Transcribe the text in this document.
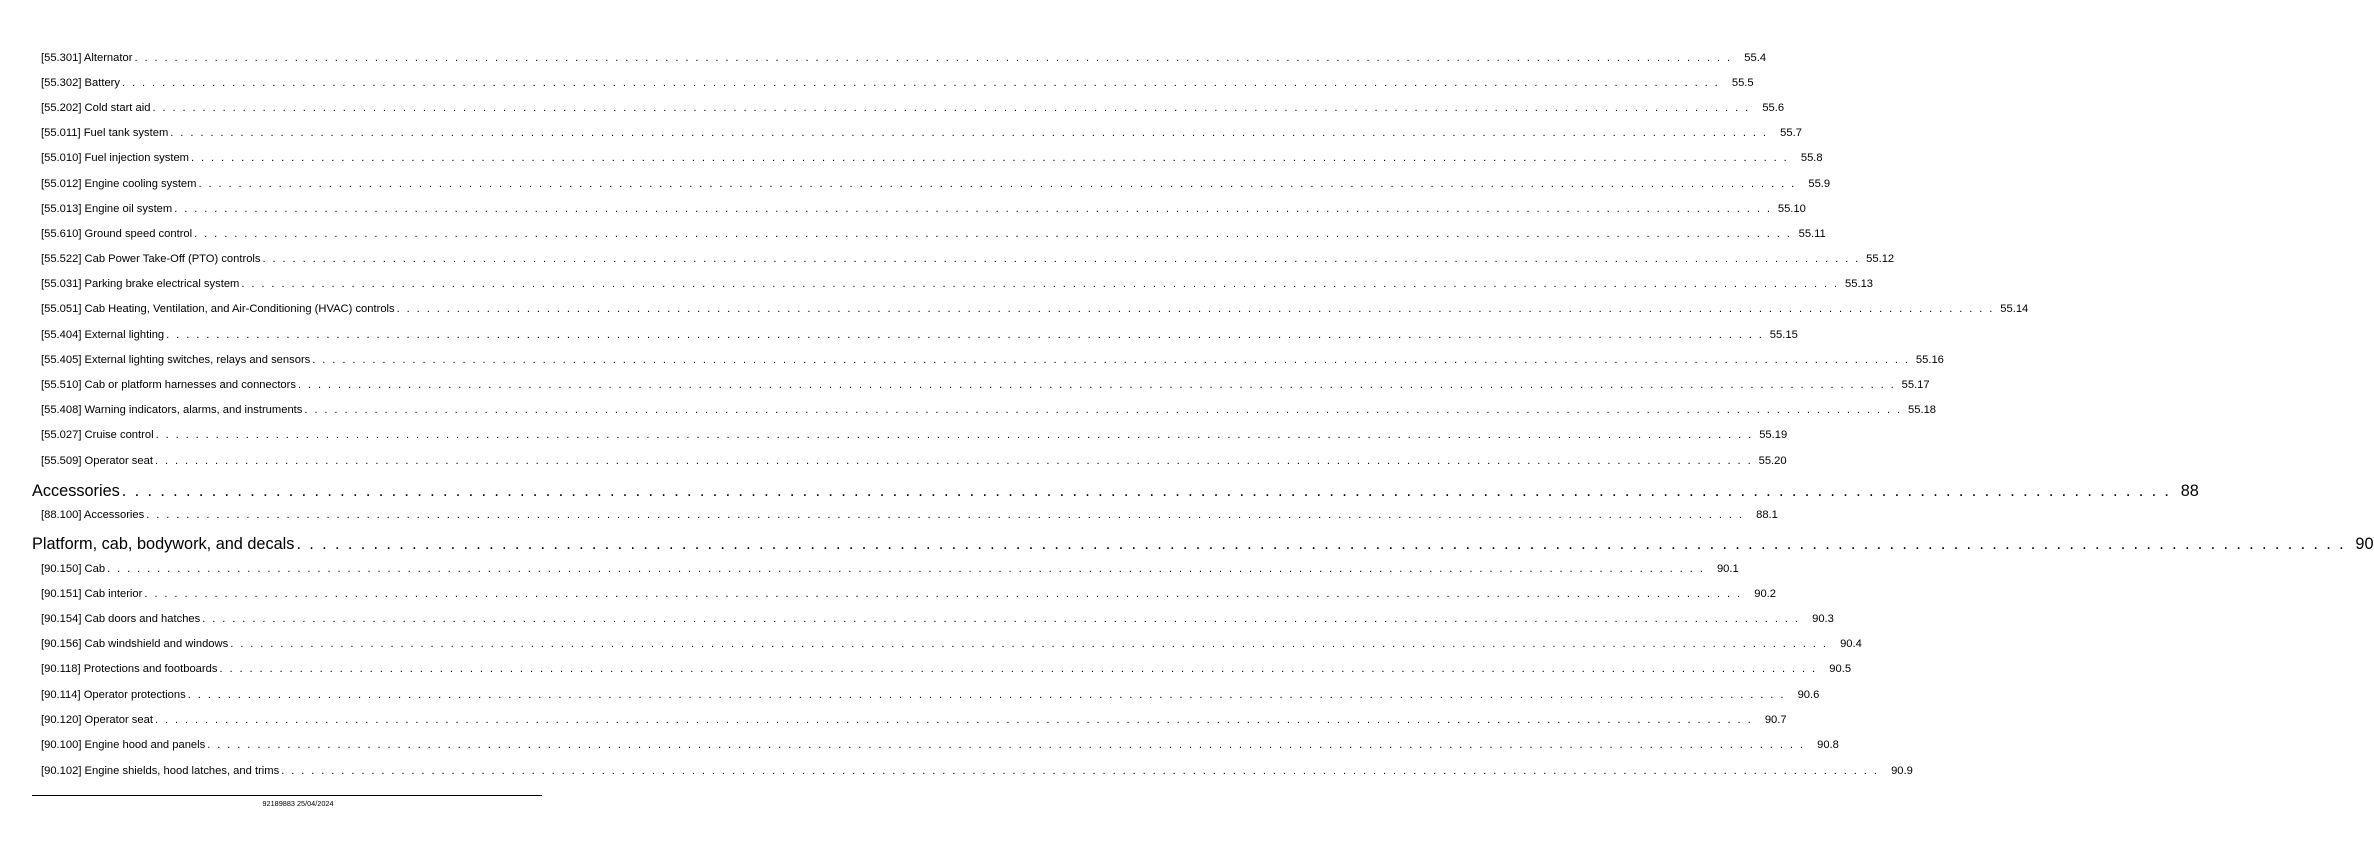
[55.301] Alternator . . . . . . . . . . . . . . . . . . . . . . . . . . . . . . . . . . . . . . . . . . . . . . . . . . . . . . . . . . . . . . . . . . . . . . . . . . . . . . . . . . . . . . . . . . . . . . . . . . . . . . . . . . . . . . . . . . . . . . . . . . . . . . . . . . . . . . . . . . . . . . . . . . . . . . . . . . . . . . . .	55.4
[55.302] Battery . . . . . . . . . . . . . . . . . . . . . . . . . . . . . . . . . . . . . . . . . . . . . . . . . . . . . . . . . . . . . . . . . . . . . . . . . . . . . . . . . . . . . . . . . . . . . . . . . . . . . . . . . . . . . . . . . . . . . . . . . . . . . . . . . . . . . . . . . . . . . . . . . . . . . . . . . . . . . . . .	55.5
[55.202] Cold start aid . . . . . . . . . . . . . . . . . . . . . . . . . . . . . . . . . . . . . . . . . . . . . . . . . . . . . . . . . . . . . . . . . . . . . . . . . . . . . . . . . . . . . . . . . . . . . . . . . . . . . . . . . . . . . . . . . . . . . . . . . . . . . . . . . . . . . . . . . . . . . . . . . . . . . . . . . . . . . . . .	55.6
[55.011] Fuel tank system . . . . . . . . . . . . . . . . . . . . . . . . . . . . . . . . . . . . . . . . . . . . . . . . . . . . . . . . . . . . . . . . . . . . . . . . . . . . . . . . . . . . . . . . . . . . . . . . . . . . . . . . . . . . . . . . . . . . . . . . . . . . . . . . . . . . . . . . . . . . . . . . . . . . . . . . . . . . . . . .	55.7
[55.010] Fuel injection system . . . . . . . . . . . . . . . . . . . . . . . . . . . . . . . . . . . . . . . . . . . . . . . . . . . . . . . . . . . . . . . . . . . . . . . . . . . . . . . . . . . . . . . . . . . . . . . . . . . . . . . . . . . . . . . . . . . . . . . . . . . . . . . . . . . . . . . . . . . . . . . . . . . . . . . . . . . . . . . .	55.8
[55.012] Engine cooling system . . . . . . . . . . . . . . . . . . . . . . . . . . . . . . . . . . . . . . . . . . . . . . . . . . . . . . . . . . . . . . . . . . . . . . . . . . . . . . . . . . . . . . . . . . . . . . . . . . . . . . . . . . . . . . . . . . . . . . . . . . . . . . . . . . . . . . . . . . . . . . . . . . . . . . . . . . . . . . . .	55.9
[55.013] Engine oil system . . . . . . . . . . . . . . . . . . . . . . . . . . . . . . . . . . . . . . . . . . . . . . . . . . . . . . . . . . . . . . . . . . . . . . . . . . . . . . . . . . . . . . . . . . . . . . . . . . . . . . . . . . . . . . . . . . . . . . . . . . . . . . . . . . . . . . . . . . . . . . . . . . . . . . . . . . . . . . . . 55.10
[55.610] Ground speed control . . . . . . . . . . . . . . . . . . . . . . . . . . . . . . . . . . . . . . . . . . . . . . . . . . . . . . . . . . . . . . . . . . . . . . . . . . . . . . . . . . . . . . . . . . . . . . . . . . . . . . . . . . . . . . . . . . . . . . . . . . . . . . . . . . . . . . . . . . . . . . . . . . . . . . . . . . . . . . . . 55.11
[55.522] Cab Power Take-Off (PTO) controls . . . . . . . . . . . . . . . . . . . . . . . . . . . . . . . . . . . . . . . . . . . . . . . . . . . . . . . . . . . . . . . . . . . . . . . . . . . . . . . . . . . . . . . . . . . . . . . . . . . . . . . . . . . . . . . . . . . . . . . . . . . . . . . . . . . . . . . . . . . . . . . . . . . . . . . . . . . . . . . . 55.12
[55.031] Parking brake electrical system . . . . . . . . . . . . . . . . . . . . . . . . . . . . . . . . . . . . . . . . . . . . . . . . . . . . . . . . . . . . . . . . . . . . . . . . . . . . . . . . . . . . . . . . . . . . . . . . . . . . . . . . . . . . . . . . . . . . . . . . . . . . . . . . . . . . . . . . . . . . . . . . . . . . . . . . . . . . . . . . 55.13
[55.051] Cab Heating, Ventilation, and Air-Conditioning (HVAC) controls . . . . . . . . . . . . . . . . . . . . . . . . . . . . . . . . . . . . . . . . . . . . . . . . . . . . . . . . . . . . . . . . . . . . . . . . . . . . . . . . . . . . . . . . . . . . . . . . . . . . . . . . . . . . . . . . . . . . . . . . . . . . . . . . . . . . . . . . . . . . . . . . . . . . . . . . . . . . . . . . 55.14
[55.404] External lighting . . . . . . . . . . . . . . . . . . . . . . . . . . . . . . . . . . . . . . . . . . . . . . . . . . . . . . . . . . . . . . . . . . . . . . . . . . . . . . . . . . . . . . . . . . . . . . . . . . . . . . . . . . . . . . . . . . . . . . . . . . . . . . . . . . . . . . . . . . . . . . . . . . . . . . . . . . . . . . . . 55.15
[55.405] External lighting switches, relays and sensors . . . . . . . . . . . . . . . . . . . . . . . . . . . . . . . . . . . . . . . . . . . . . . . . . . . . . . . . . . . . . . . . . . . . . . . . . . . . . . . . . . . . . . . . . . . . . . . . . . . . . . . . . . . . . . . . . . . . . . . . . . . . . . . . . . . . . . . . . . . . . . . . . . . . . . . . . . . . . . . . 55.16
[55.510] Cab or platform harnesses and connectors . . . . . . . . . . . . . . . . . . . . . . . . . . . . . . . . . . . . . . . . . . . . . . . . . . . . . . . . . . . . . . . . . . . . . . . . . . . . . . . . . . . . . . . . . . . . . . . . . . . . . . . . . . . . . . . . . . . . . . . . . . . . . . . . . . . . . . . . . . . . . . . . . . . . . . . . . . . . . . . . 55.17
[55.408] Warning indicators, alarms, and instruments . . . . . . . . . . . . . . . . . . . . . . . . . . . . . . . . . . . . . . . . . . . . . . . . . . . . . . . . . . . . . . . . . . . . . . . . . . . . . . . . . . . . . . . . . . . . . . . . . . . . . . . . . . . . . . . . . . . . . . . . . . . . . . . . . . . . . . . . . . . . . . . . . . . . . . . . . . . . . . . . 55.18
[55.027] Cruise control . . . . . . . . . . . . . . . . . . . . . . . . . . . . . . . . . . . . . . . . . . . . . . . . . . . . . . . . . . . . . . . . . . . . . . . . . . . . . . . . . . . . . . . . . . . . . . . . . . . . . . . . . . . . . . . . . . . . . . . . . . . . . . . . . . . . . . . . . . . . . . . . . . . . . . . . . . . . . . . . 55.19
[55.509] Operator seat . . . . . . . . . . . . . . . . . . . . . . . . . . . . . . . . . . . . . . . . . . . . . . . . . . . . . . . . . . . . . . . . . . . . . . . . . . . . . . . . . . . . . . . . . . . . . . . . . . . . . . . . . . . . . . . . . . . . . . . . . . . . . . . . . . . . . . . . . . . . . . . . . . . . . . . . . . . . . . . . 55.20
Accessories . . . . . . . . . . . . . . . . . . . . . . . . . . . . . . . . . . . . . . . . . . . . . . . . . . . . . . . . . . . . . . . . . . . . . . . . . . . . . . . . . . . . . . . . . . . . . . . . . . . . . . . . . . . . . . . . . . . . . . . . . . . . . . . . . . . . . . . . . . . . . . . . . . . . . . . . . . . . . . . . 88
[88.100] Accessories . . . . . . . . . . . . . . . . . . . . . . . . . . . . . . . . . . . . . . . . . . . . . . . . . . . . . . . . . . . . . . . . . . . . . . . . . . . . . . . . . . . . . . . . . . . . . . . . . . . . . . . . . . . . . . . . . . . . . . . . . . . . . . . . . . . . . . . . . . . . . . . . . . . . . . . . . . . . . . . .	88.1
Platform, cab, bodywork, and decals . . . . . . . . . . . . . . . . . . . . . . . . . . . . . . . . . . . . . . . . . . . . . . . . . . . . . . . . . . . . . . . . . . . . . . . . . . . . . . . . . . . . . . . . . . . . . . . . . . . . . . . . . . . . . . . . . . . . . . . . . . . . . . . . . . . . . . . . . . . . . . . . . . . . . . . . . . . . . . . . 90
[90.150] Cab . . . . . . . . . . . . . . . . . . . . . . . . . . . . . . . . . . . . . . . . . . . . . . . . . . . . . . . . . . . . . . . . . . . . . . . . . . . . . . . . . . . . . . . . . . . . . . . . . . . . . . . . . . . . . . . . . . . . . . . . . . . . . . . . . . . . . . . . . . . . . . . . . . . . . . . . . . . . . . . .	90.1
[90.151] Cab interior . . . . . . . . . . . . . . . . . . . . . . . . . . . . . . . . . . . . . . . . . . . . . . . . . . . . . . . . . . . . . . . . . . . . . . . . . . . . . . . . . . . . . . . . . . . . . . . . . . . . . . . . . . . . . . . . . . . . . . . . . . . . . . . . . . . . . . . . . . . . . . . . . . . . . . . . . . . . . . . .	90.2
[90.154] Cab doors and hatches . . . . . . . . . . . . . . . . . . . . . . . . . . . . . . . . . . . . . . . . . . . . . . . . . . . . . . . . . . . . . . . . . . . . . . . . . . . . . . . . . . . . . . . . . . . . . . . . . . . . . . . . . . . . . . . . . . . . . . . . . . . . . . . . . . . . . . . . . . . . . . . . . . . . . . . . . . . . . . . .	90.3
[90.156] Cab windshield and windows . . . . . . . . . . . . . . . . . . . . . . . . . . . . . . . . . . . . . . . . . . . . . . . . . . . . . . . . . . . . . . . . . . . . . . . . . . . . . . . . . . . . . . . . . . . . . . . . . . . . . . . . . . . . . . . . . . . . . . . . . . . . . . . . . . . . . . . . . . . . . . . . . . . . . . . . . . . . . . . .	90.4
[90.118] Protections and footboards . . . . . . . . . . . . . . . . . . . . . . . . . . . . . . . . . . . . . . . . . . . . . . . . . . . . . . . . . . . . . . . . . . . . . . . . . . . . . . . . . . . . . . . . . . . . . . . . . . . . . . . . . . . . . . . . . . . . . . . . . . . . . . . . . . . . . . . . . . . . . . . . . . . . . . . . . . . . . . . .	90.5
[90.114] Operator protections . . . . . . . . . . . . . . . . . . . . . . . . . . . . . . . . . . . . . . . . . . . . . . . . . . . . . . . . . . . . . . . . . . . . . . . . . . . . . . . . . . . . . . . . . . . . . . . . . . . . . . . . . . . . . . . . . . . . . . . . . . . . . . . . . . . . . . . . . . . . . . . . . . . . . . . . . . . . . . . .	90.6
[90.120] Operator seat . . . . . . . . . . . . . . . . . . . . . . . . . . . . . . . . . . . . . . . . . . . . . . . . . . . . . . . . . . . . . . . . . . . . . . . . . . . . . . . . . . . . . . . . . . . . . . . . . . . . . . . . . . . . . . . . . . . . . . . . . . . . . . . . . . . . . . . . . . . . . . . . . . . . . . . . . . . . . . . .	90.7
[90.100] Engine hood and panels . . . . . . . . . . . . . . . . . . . . . . . . . . . . . . . . . . . . . . . . . . . . . . . . . . . . . . . . . . . . . . . . . . . . . . . . . . . . . . . . . . . . . . . . . . . . . . . . . . . . . . . . . . . . . . . . . . . . . . . . . . . . . . . . . . . . . . . . . . . . . . . . . . . . . . . . . . . . . . . .	90.8
[90.102] Engine shields, hood latches, and trims . . . . . . . . . . . . . . . . . . . . . . . . . . . . . . . . . . . . . . . . . . . . . . . . . . . . . . . . . . . . . . . . . . . . . . . . . . . . . . . . . . . . . . . . . . . . . . . . . . . . . . . . . . . . . . . . . . . . . . . . . . . . . . . . . . . . . . . . . . . . . . . . . . . . . . . . . . . . . . . .	90.9
92189883 25/04/2024
